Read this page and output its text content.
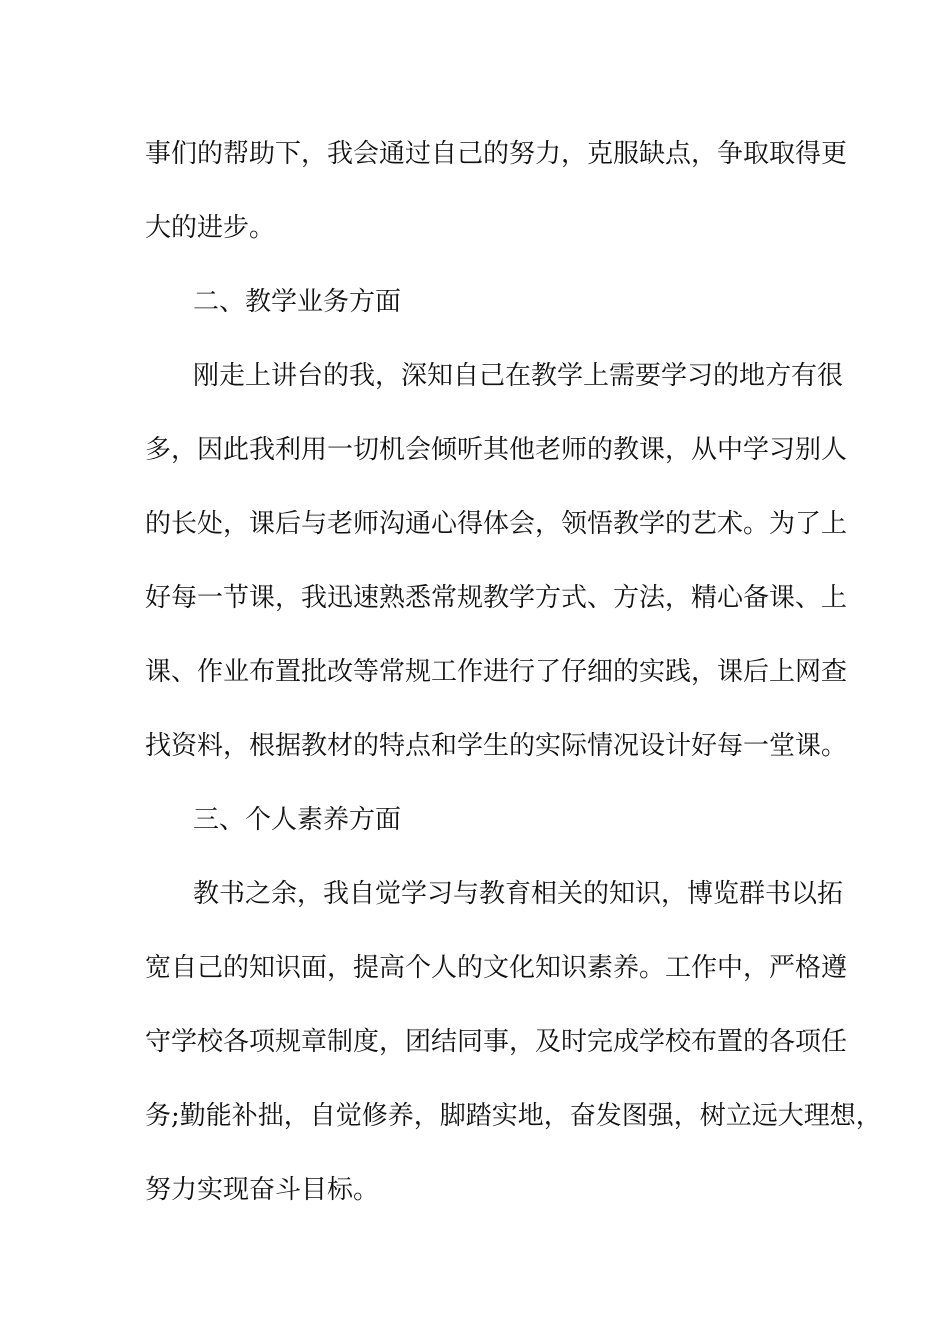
事们的帮助下，我会通过自己的努力，克服缺点，争取取得更

大的进步。

二、教学业务方面

刚走上讲台的我，深知自己在教学上需要学习的地方有很

多，因此我利用一切机会倾听其他老师的教课，从中学习别人

的长处，课后与老师沟通心得体会，领悟教学的艺术。为了上

好每一节课，我迅速熟悉常规教学方式、方法，精心备课、上

课、作业布置批改等常规工作进行了仔细的实践，课后上网查

找资料，根据教材的特点和学生的实际情况设计好每一堂课。

三、个人素养方面

教书之余，我自觉学习与教育相关的知识，博览群书以拓

宽自己的知识面，提高个人的文化知识素养。工作中，严格遵

守学校各项规章制度，团结同事，及时完成学校布置的各项任

务;勤能补拙，自觉修养，脚踏实地，奋发图强，树立远大理想，

努力实现奋斗目标。
